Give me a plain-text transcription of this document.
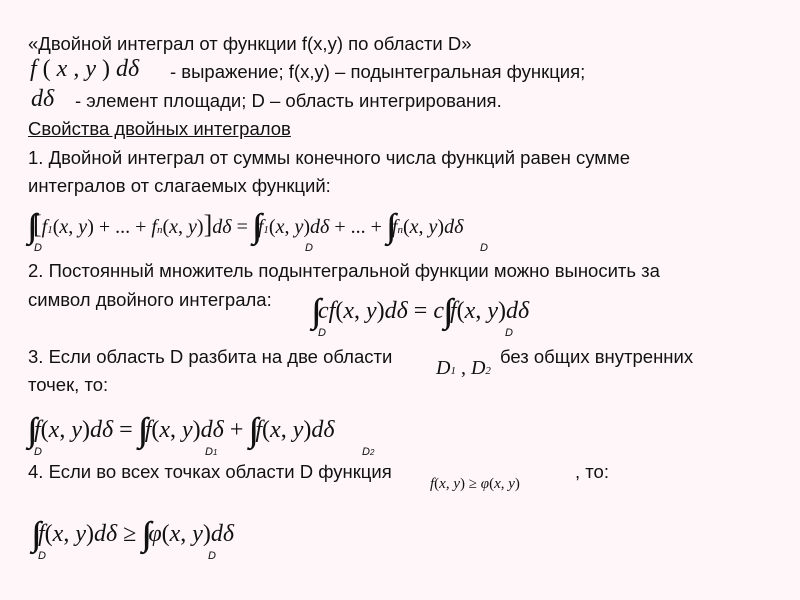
«Двойной интеграл от функции f(x,y) по области D»
f ( x , y ) dδ - выражение; f(x,y) – подынтегральная функция;
dδ - элемент площади; D – область интегрирования.
Свойства двойных интегралов
1. Двойной интеграл от суммы конечного числа функций равен сумме
интегралов от слагаемых функций:
[f1(x, y) + ... + fn(x, y)]dδ =  f1(x, y)dδ + ... +  fn(x, y)dδ
D	D	D
2. Постоянный множитель подынтегральной функции можно выносить за
символ двойного интеграла: cf(x, y)dδ = c f(x, y)dδ
D	D
3. Если область D разбита на две области
D1 , D2
без общих внутренних
точек, то:
f(x, y)dδ =  f(x, y)dδ +  f(x, y)dδ
D	D1	D2
4. Если во всех точках области D функция
f(x, y) ≥ φ(x, y)
, то:
f(x, y)dδ ≥  φ(x, y)dδ
D	D
